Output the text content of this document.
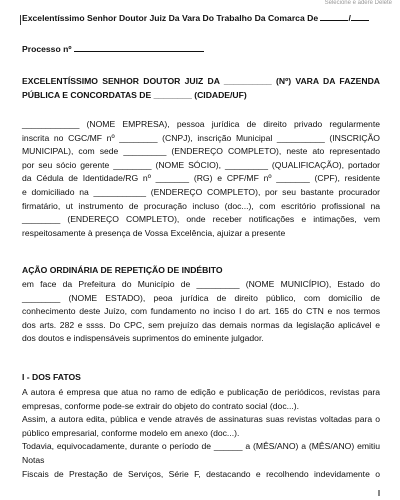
Selecione e adere Delete
Excelentíssimo Senhor Doutor Juiz Da Vara Do Trabalho Da Comarca De	/
Processo nº
EXCELENTÍSSIMO SENHOR DOUTOR JUIZ DA __________ (Nº) VARA DA FAZENDA
PÚBLICA E CONCORDATAS DE ________ (CIDADE/UF)
____________ (NOME EMPRESA), pessoa jurídica de direito privado regularmente
inscrita no CGC/MF nº ________ (CNPJ), inscrição Municipal __________ (INSCRIÇÃO
MUNICIPAL), com sede _________ (ENDEREÇO COMPLETO), neste ato representado
por seu sócio gerente ________ (NOME SÓCIO), _________ (QUALIFICAÇÃO), portador
da Cédula de Identidade/RG nº _______ (RG) e CPF/MF nº _______ (CPF), residente
e domiciliado na ___________ (ENDEREÇO COMPLETO), por seu bastante procurador
firmatário, ut instrumento de procuração incluso (doc...), com escritório profissional na
________ (ENDEREÇO COMPLETO), onde receber notificações e intimações, vem
respeitosamente à presença de Vossa Excelência, ajuizar a presente
AÇÃO ORDINÁRIA DE REPETIÇÃO DE INDÉBITO
em face da Prefeitura do Município de _________ (NOME MUNICÍPIO), Estado do
________ (NOME ESTADO), peoa jurídica de direito público, com domicílio de
conhecimento deste Juízo, com fundamento no inciso I do art. 165 do CTN e nos termos
dos arts. 282 e ssss. Do CPC, sem prejuízo das demais normas da legislação aplicável e
dos doutos e indispensáveis suprimentos do eminente julgador.
I - DOS FATOS
A autora é empresa que atua no ramo de edição e publicação de periódicos, revistas para
empresas, conforme pode-se extrair do objeto do contrato social (doc...).
Assim, a autora edita, pública e vende através de assinaturas suas revistas voltadas para o
público empresarial, conforme modelo em anexo (doc...).
Todavia, equivocadamente, durante o período de ______ a (MÊS/ANO) a (MÊS/ANO) emitiu Notas
Fiscais de Prestação de Serviços, Série F, destacando e recolhendo indevidamente o
